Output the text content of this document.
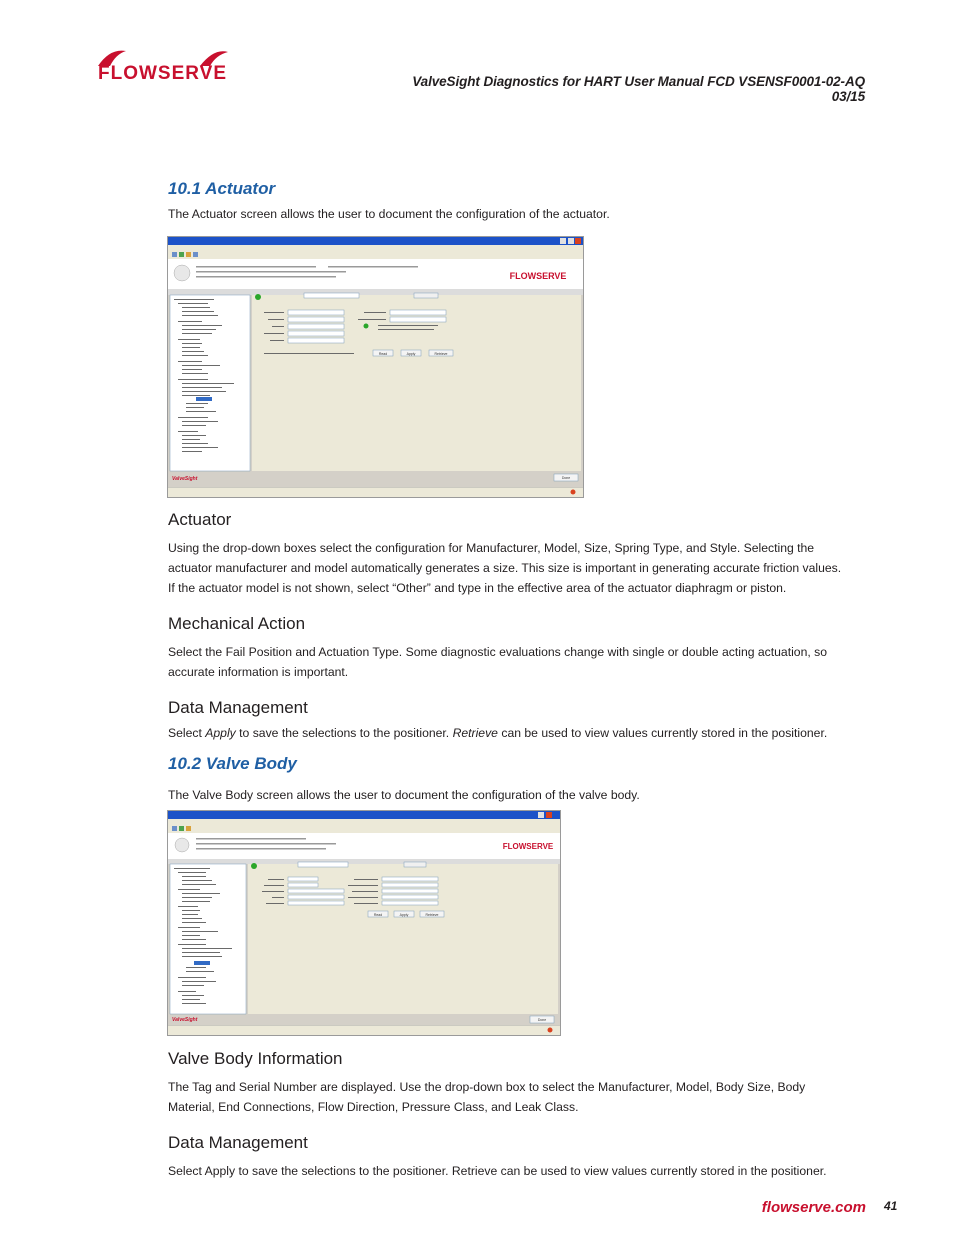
FLOWSERVE	ValveSight Diagnostics for HART User Manual FCD VSENSF0001-02-AQ 03/15
10.1 Actuator
The Actuator screen allows the user to document the configuration of the actuator.
FLOWSERVE
Read	Apply	Retrieve
Done
ValveSight
Actuator
Using the drop-down boxes select the configuration for Manufacturer, Model, Size, Spring Type, and Style. Selecting the actuator manufacturer and model automatically generates a size. This size is important in generating accurate friction values. If the actuator model is not shown, select “Other” and type in the effective area of the actuator diaphragm or piston.
Mechanical Action
Select the Fail Position and Actuation Type. Some diagnostic evaluations change with single or double acting actuation, so accurate information is important.
Data Management
Select Apply to save the selections to the positioner. Retrieve can be used to view values currently stored in the positioner.
10.2 Valve Body
The Valve Body screen allows the user to document the configuration of the valve body.
FLOWSERVE
Read	Apply	Retrieve
Done
ValveSight
Valve Body Information
The Tag and Serial Number are displayed. Use the drop-down box to select the Manufacturer, Model, Body Size, Body Material, End Connections, Flow Direction, Pressure Class, and Leak Class.
Data Management
Select Apply to save the selections to the positioner. Retrieve can be used to view values currently stored in the positioner.
flowserve.com 41
